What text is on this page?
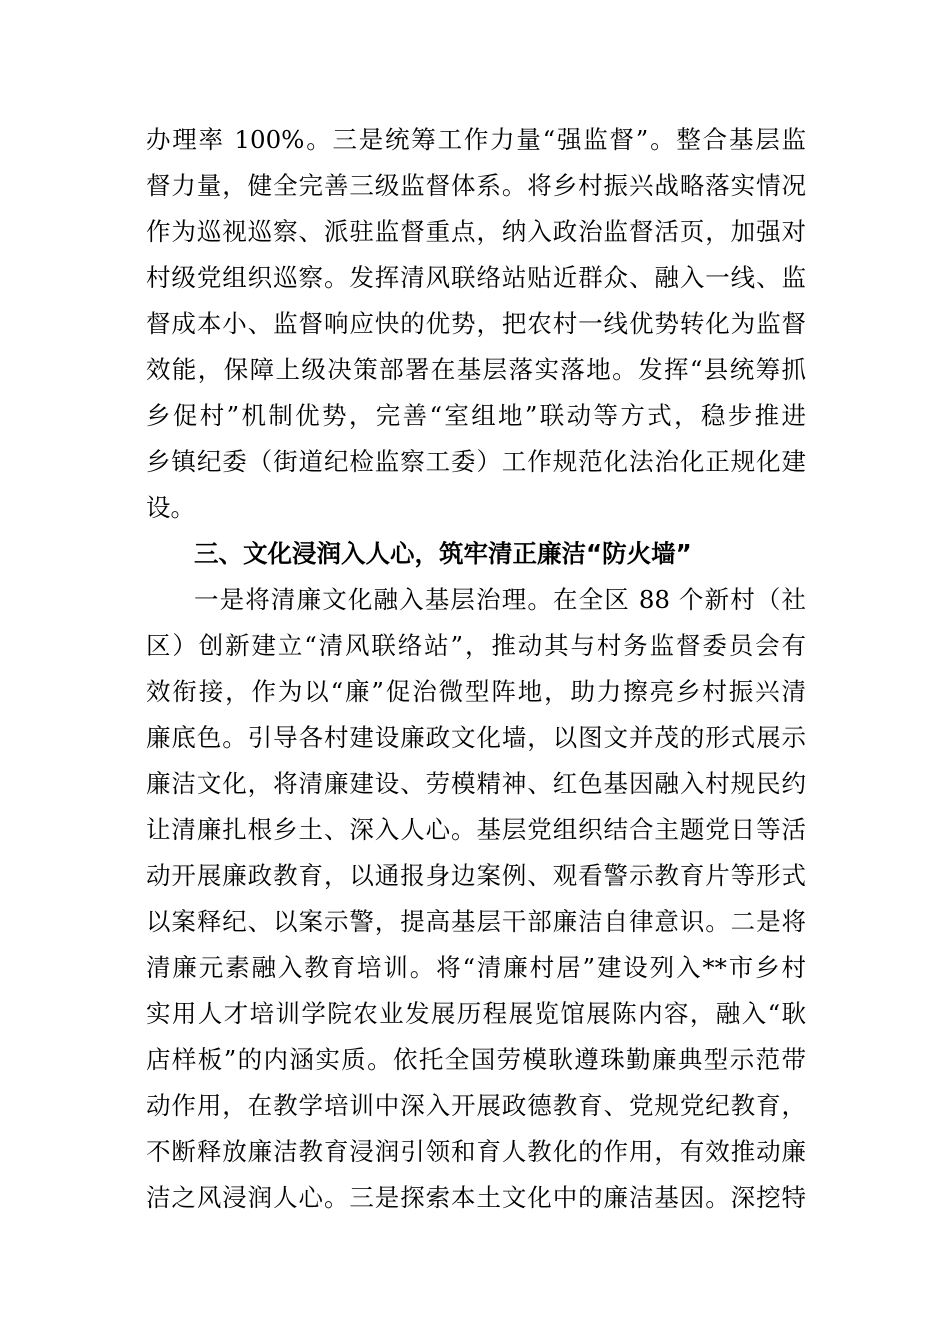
办理率 100%。三是统筹工作力量“强监督”。整合基层监
督力量，健全完善三级监督体系。将乡村振兴战略落实情况
作为巡视巡察、派驻监督重点，纳入政治监督活页，加强对
村级党组织巡察。发挥清风联络站贴近群众、融入一线、监
督成本小、监督响应快的优势，把农村一线优势转化为监督
效能，保障上级决策部署在基层落实落地。发挥“县统筹抓
乡促村”机制优势，完善“室组地”联动等方式，稳步推进
乡镇纪委（街道纪检监察工委）工作规范化法治化正规化建
设。
三、文化浸润入人心，筑牢清正廉洁“防火墙”
一是将清廉文化融入基层治理。在全区 88 个新村（社
区）创新建立“清风联络站”，推动其与村务监督委员会有
效衔接，作为以“廉”促治微型阵地，助力擦亮乡村振兴清
廉底色。引导各村建设廉政文化墙，以图文并茂的形式展示
廉洁文化，将清廉建设、劳模精神、红色基因融入村规民约
让清廉扎根乡土、深入人心。基层党组织结合主题党日等活
动开展廉政教育，以通报身边案例、观看警示教育片等形式
以案释纪、以案示警，提高基层干部廉洁自律意识。二是将
清廉元素融入教育培训。将“清廉村居”建设列入**市乡村
实用人才培训学院农业发展历程展览馆展陈内容，融入“耿
店样板”的内涵实质。依托全国劳模耿遵珠勤廉典型示范带
动作用，在教学培训中深入开展政德教育、党规党纪教育，
不断释放廉洁教育浸润引领和育人教化的作用，有效推动廉
洁之风浸润人心。三是探索本土文化中的廉洁基因。深挖特
